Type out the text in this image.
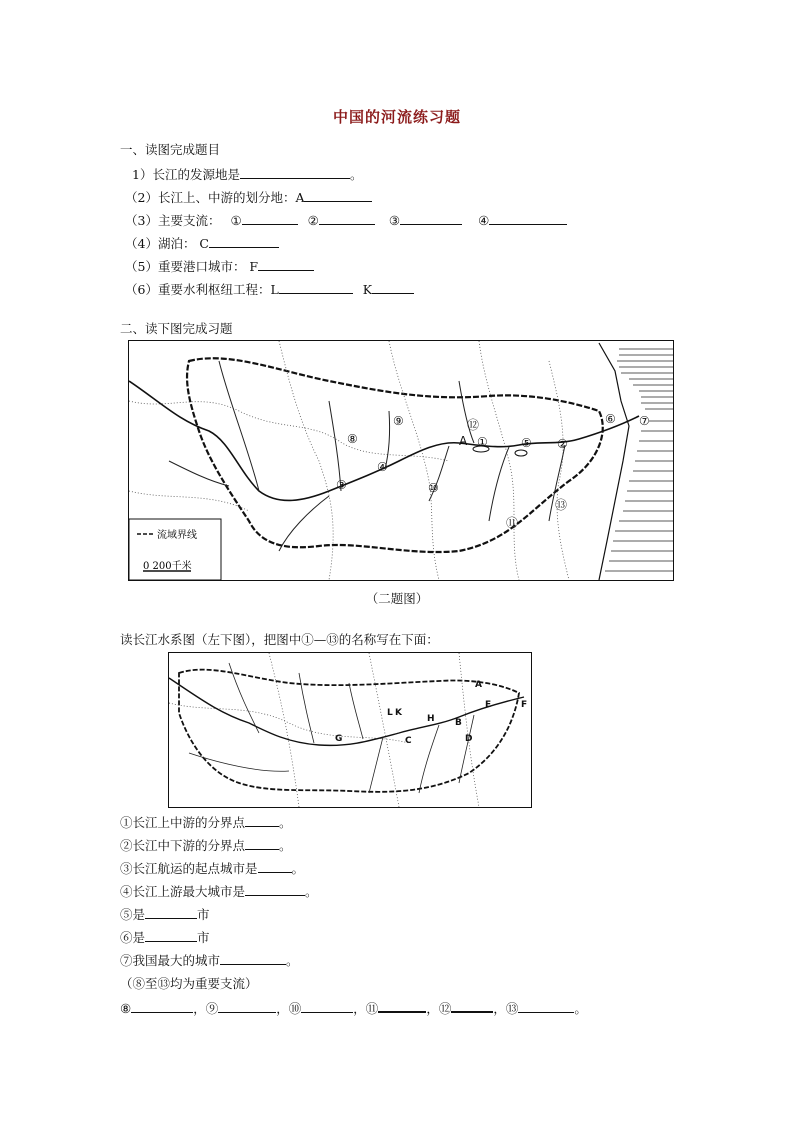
中国的河流练习题
一、读图完成题目
1）长江的发源地是	。
（2）长江上、中游的划分地：A
（3）主要支流： ①	②	③	④
（4）湖泊： C
（5）重要港口城市： F
（6）重要水利枢纽工程：L	K
二、读下图完成习题
①	②
③
④
⑤
⑥ ⑦
⑧
⑨
⑩
⑪
⑫
⑬
A
流域界线
0 200千米
（二题图）
读长江水系图（左下图），把图中①—⑬的名称写在下面：
A
B
C	D
E	F
G
H
L K
①长江上中游的分界点	。
②长江中下游的分界点	。
③长江航运的起点城市是	。
④长江上游最大城市是	。
⑤是	市
⑥是	市
⑦我国最大的城市	。
（⑧至⑬均为重要支流）
⑧	，⑨	，⑩	，⑪	，⑫	，⑬	。
